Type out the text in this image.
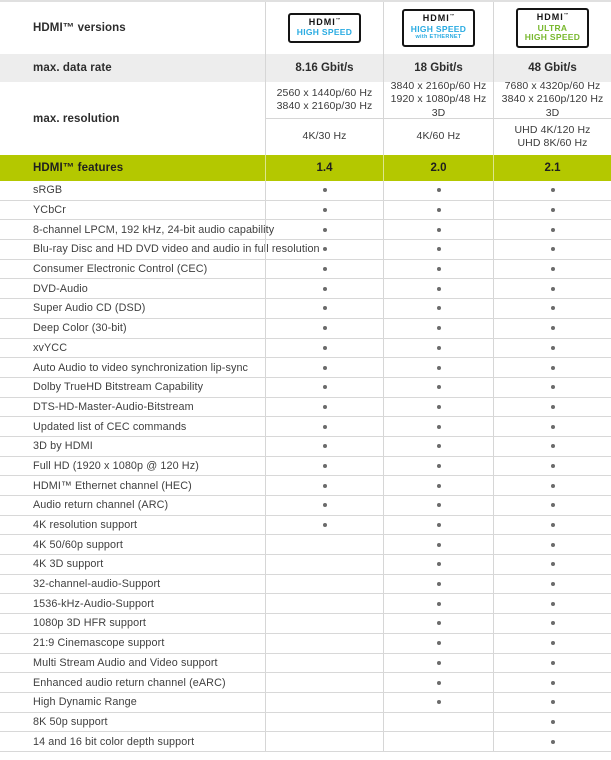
HDMI™ versions
HDMI™
HIGH SPEED
HDMI™
HIGH SPEED
with ETHERNET
HDMI™
ULTRA
HIGH SPEED
max. data rate	8.16 Gbit/s	18 Gbit/s	48 Gbit/s
max. resolution
2560 x 1440p/60 Hz
3840 x 2160p/30 Hz
3840 x 2160p/60 Hz
1920 x 1080p/48 Hz 3D
7680 x 4320p/60 Hz
3840 x 2160p/120 Hz 3D
4K/30 Hz	4K/60 Hz
UHD 4K/120 Hz
UHD 8K/60 Hz
HDMI™ features	1.4	2.0	2.1
sRGB
YCbCr
8-channel LPCM, 192 kHz, 24-bit audio capability
Blu-ray Disc and HD DVD video and audio in full resolution
Consumer Electronic Control (CEC)
DVD-Audio
Super Audio CD (DSD)
Deep Color (30-bit)
xvYCC
Auto Audio to video synchronization lip-sync
Dolby TrueHD Bitstream Capability
DTS-HD-Master-Audio-Bitstream
Updated list of CEC commands
3D by HDMI
Full HD (1920 x 1080p @ 120 Hz)
HDMI™ Ethernet channel (HEC)
Audio return channel (ARC)
4K resolution support
4K 50/60p support
4K 3D support
32-channel-audio-Support
1536-kHz-Audio-Support
1080p 3D HFR support
21:9 Cinemascope support
Multi Stream Audio and Video support
Enhanced audio return channel (eARC)
High Dynamic Range
8K 50p support
14 and 16 bit color depth support
